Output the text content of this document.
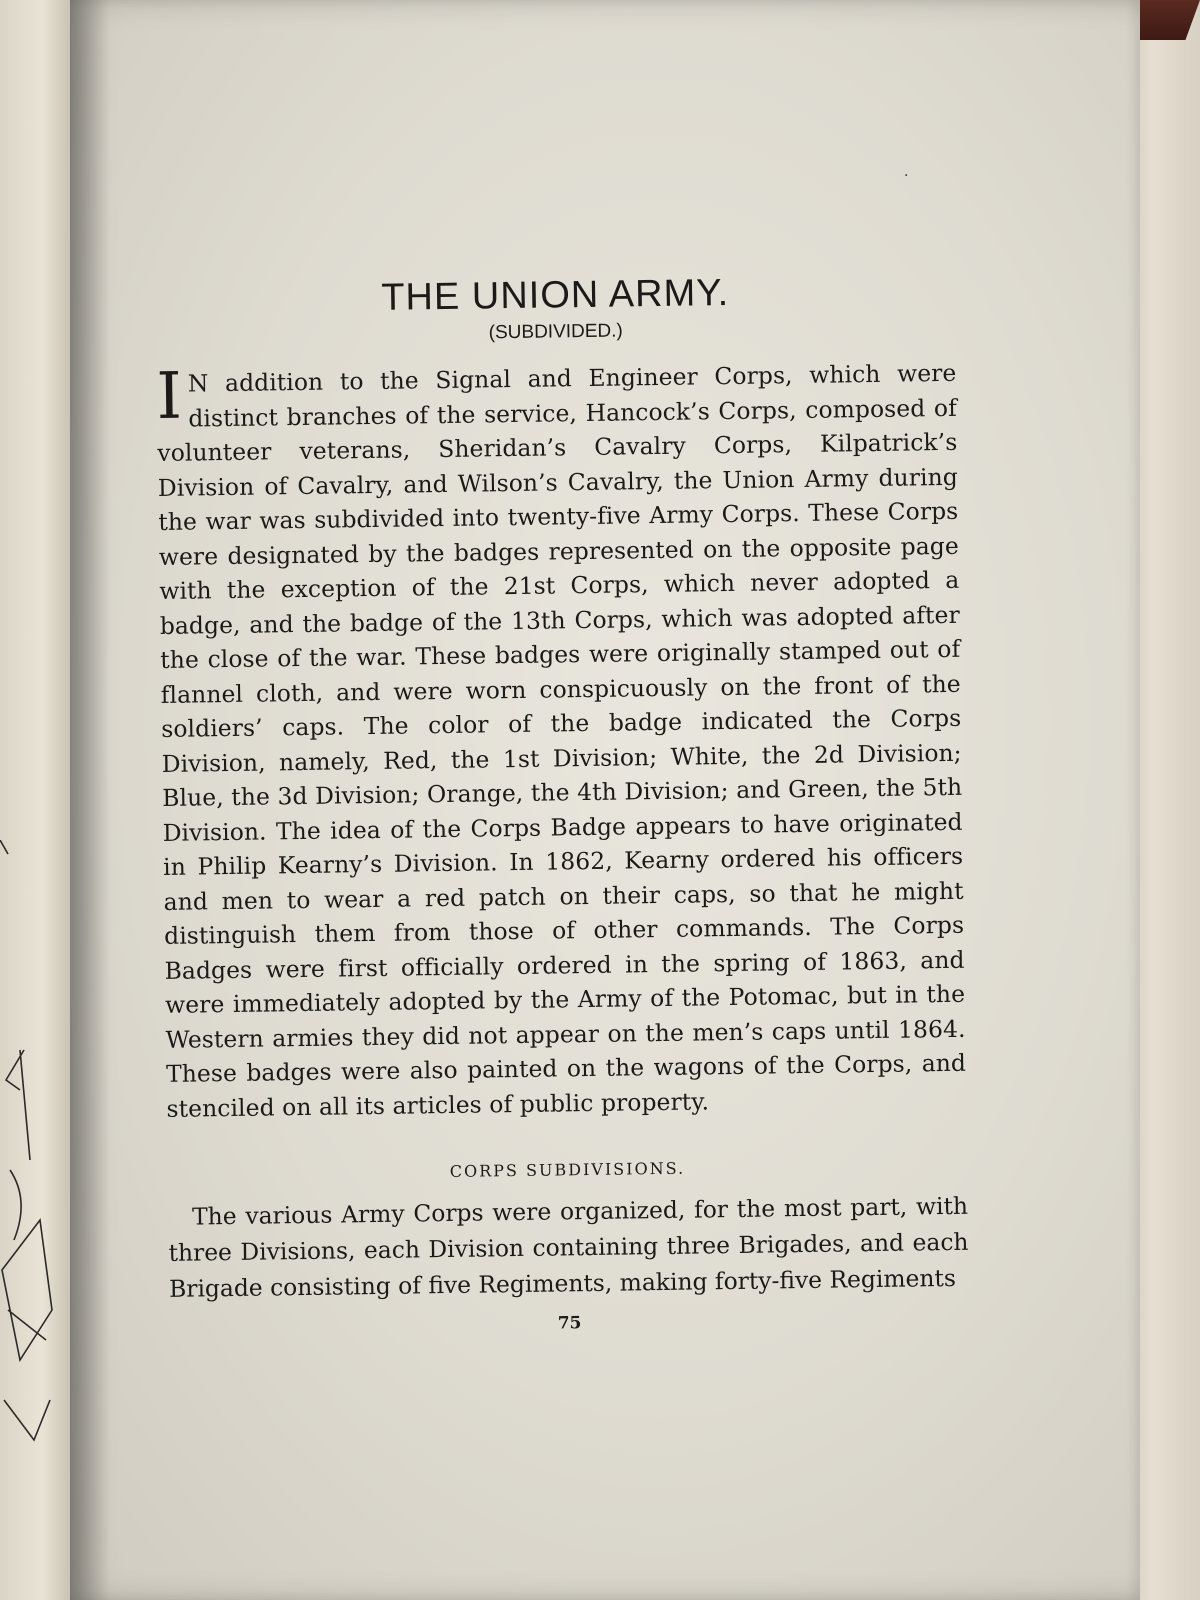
·
THE UNION ARMY.
(SUBDIVIDED.)

I N addition to the Signal and Engineer Corps, which were distinct branches of the service, Hancock’s Corps, composed of volunteer veterans, Sheridan’s Cavalry Corps, Kilpatrick’s Division of Cavalry, and Wilson’s Cavalry, the Union Army during the war was subdivided into twenty-five Army Corps. These Corps were designated by the badges represented on the opposite page with the exception of the 21st Corps, which never adopted a badge, and the badge of the 13th Corps, which was adopted after the close of the war. These badges were originally stamped out of flannel cloth, and were worn conspicuously on the front of the soldiers’ caps. The color of the badge indicated the Corps Division, namely, Red, the 1st Division; White, the 2d Division; Blue, the 3d Division; Orange, the 4th Division; and Green, the 5th Division. The idea of the Corps Badge appears to have originated in Philip Kearny’s Division. In 1862, Kearny ordered his officers and men to wear a red patch on their caps, so that he might distinguish them from those of other commands. The Corps Badges were first officially ordered in the spring of 1863, and were immediately adopted by the Army of the Potomac, but in the Western armies they did not appear on the men’s caps until 1864. These badges were also painted on the wagons of the Corps, and stenciled on all its articles of public property.

CORPS SUBDIVISIONS.

The various Army Corps were organized, for the most part, with three Divisions, each Division containing three Brigades, and each Brigade consisting of five Regiments, making forty-five Regiments

75
